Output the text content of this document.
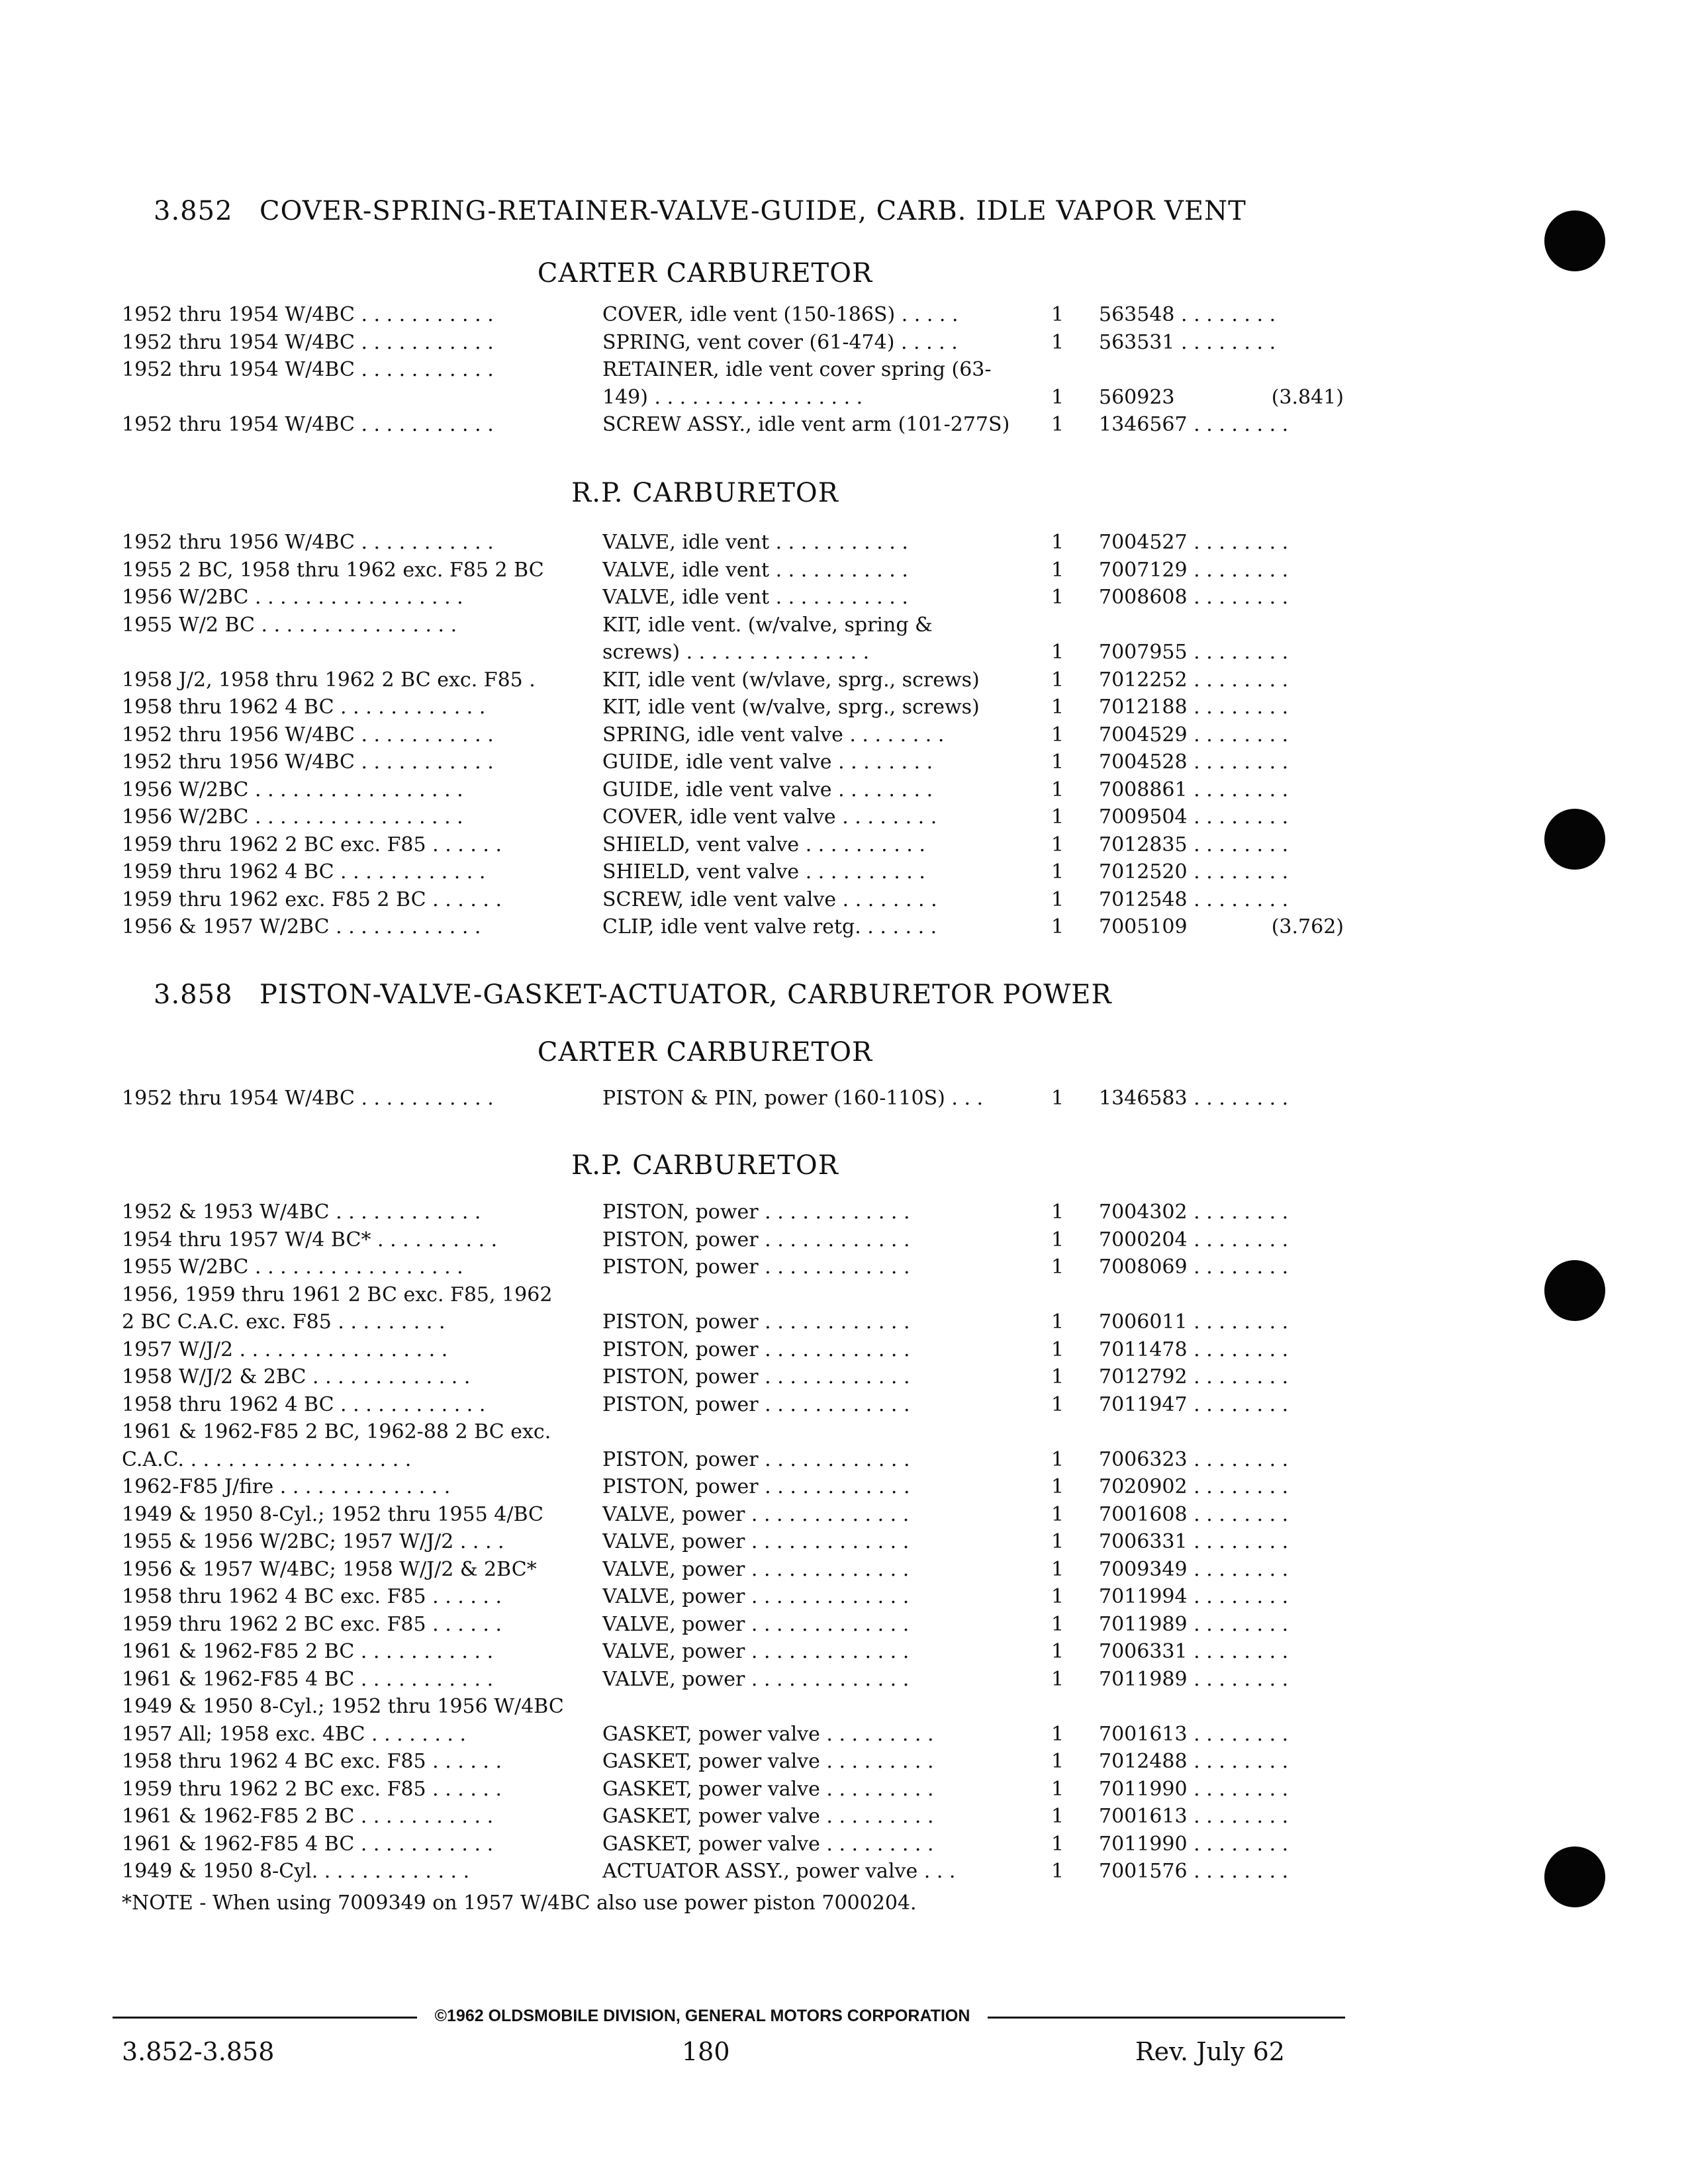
3.852 COVER-SPRING-RETAINER-VALVE-GUIDE, CARB. IDLE VAPOR VENT
CARTER CARBURETOR
1952 thru 1954 W/4BC . . . . . . . . . . .	COVER, idle vent (150-186S) . . . . .	1	563548 . . . . . . . .
1952 thru 1954 W/4BC . . . . . . . . . . .	SPRING, vent cover (61-474) . . . . .	1	563531 . . . . . . . .
1952 thru 1954 W/4BC . . . . . . . . . . .	RETAINER, idle vent cover spring (63-
149) . . . . . . . . . . . . . . . . .	1	560923	(3.841)
1952 thru 1954 W/4BC . . . . . . . . . . .	SCREW ASSY., idle vent arm (101-277S)	1	1346567 . . . . . . . .
R.P. CARBURETOR
1952 thru 1956 W/4BC . . . . . . . . . . .	VALVE, idle vent . . . . . . . . . . .	1	7004527 . . . . . . . .
1955 2 BC, 1958 thru 1962 exc. F85 2 BC	VALVE, idle vent . . . . . . . . . . .	1	7007129 . . . . . . . .
1956 W/2BC . . . . . . . . . . . . . . . . .	VALVE, idle vent . . . . . . . . . . .	1	7008608 . . . . . . . .
1955 W/2 BC . . . . . . . . . . . . . . . .	KIT, idle vent. (w/valve, spring &
screws) . . . . . . . . . . . . . . .	1	7007955 . . . . . . . .
1958 J/2, 1958 thru 1962 2 BC exc. F85 .	KIT, idle vent (w/vlave, sprg., screws)	1	7012252 . . . . . . . .
1958 thru 1962 4 BC . . . . . . . . . . . .	KIT, idle vent (w/valve, sprg., screws)	1	7012188 . . . . . . . .
1952 thru 1956 W/4BC . . . . . . . . . . .	SPRING, idle vent valve . . . . . . . .	1	7004529 . . . . . . . .
1952 thru 1956 W/4BC . . . . . . . . . . .	GUIDE, idle vent valve . . . . . . . .	1	7004528 . . . . . . . .
1956 W/2BC . . . . . . . . . . . . . . . . .	GUIDE, idle vent valve . . . . . . . .	1	7008861 . . . . . . . .
1956 W/2BC . . . . . . . . . . . . . . . . .	COVER, idle vent valve . . . . . . . .	1	7009504 . . . . . . . .
1959 thru 1962 2 BC exc. F85 . . . . . .	SHIELD, vent valve . . . . . . . . . .	1	7012835 . . . . . . . .
1959 thru 1962 4 BC . . . . . . . . . . . .	SHIELD, vent valve . . . . . . . . . .	1	7012520 . . . . . . . .
1959 thru 1962 exc. F85 2 BC . . . . . .	SCREW, idle vent valve . . . . . . . .	1	7012548 . . . . . . . .
1956 & 1957 W/2BC . . . . . . . . . . . .	CLIP, idle vent valve retg. . . . . . .	1	7005109	(3.762)
3.858 PISTON-VALVE-GASKET-ACTUATOR, CARBURETOR POWER
CARTER CARBURETOR
1952 thru 1954 W/4BC . . . . . . . . . . .	PISTON & PIN, power (160-110S) . . .	1	1346583 . . . . . . . .
R.P. CARBURETOR
1952 & 1953 W/4BC . . . . . . . . . . . .	PISTON, power . . . . . . . . . . . .	1	7004302 . . . . . . . .
1954 thru 1957 W/4 BC* . . . . . . . . . .	PISTON, power . . . . . . . . . . . .	1	7000204 . . . . . . . .
1955 W/2BC . . . . . . . . . . . . . . . . .	PISTON, power . . . . . . . . . . . .	1	7008069 . . . . . . . .
1956, 1959 thru 1961 2 BC exc. F85, 1962
2 BC C.A.C. exc. F85 . . . . . . . . .	PISTON, power . . . . . . . . . . . .	1	7006011 . . . . . . . .
1957 W/J/2 . . . . . . . . . . . . . . . . .	PISTON, power . . . . . . . . . . . .	1	7011478 . . . . . . . .
1958 W/J/2 & 2BC . . . . . . . . . . . . .	PISTON, power . . . . . . . . . . . .	1	7012792 . . . . . . . .
1958 thru 1962 4 BC . . . . . . . . . . . .	PISTON, power . . . . . . . . . . . .	1	7011947 . . . . . . . .
1961 & 1962-F85 2 BC, 1962-88 2 BC exc.
C.A.C. . . . . . . . . . . . . . . . . . .	PISTON, power . . . . . . . . . . . .	1	7006323 . . . . . . . .
1962-F85 J/fire . . . . . . . . . . . . . .	PISTON, power . . . . . . . . . . . .	1	7020902 . . . . . . . .
1949 & 1950 8-Cyl.; 1952 thru 1955 4/BC	VALVE, power . . . . . . . . . . . . .	1	7001608 . . . . . . . .
1955 & 1956 W/2BC; 1957 W/J/2 . . . .	VALVE, power . . . . . . . . . . . . .	1	7006331 . . . . . . . .
1956 & 1957 W/4BC; 1958 W/J/2 & 2BC*	VALVE, power . . . . . . . . . . . . .	1	7009349 . . . . . . . .
1958 thru 1962 4 BC exc. F85 . . . . . .	VALVE, power . . . . . . . . . . . . .	1	7011994 . . . . . . . .
1959 thru 1962 2 BC exc. F85 . . . . . .	VALVE, power . . . . . . . . . . . . .	1	7011989 . . . . . . . .
1961 & 1962-F85 2 BC . . . . . . . . . . .	VALVE, power . . . . . . . . . . . . .	1	7006331 . . . . . . . .
1961 & 1962-F85 4 BC . . . . . . . . . . .	VALVE, power . . . . . . . . . . . . .	1	7011989 . . . . . . . .
1949 & 1950 8-Cyl.; 1952 thru 1956 W/4BC
1957 All; 1958 exc. 4BC . . . . . . . .	GASKET, power valve . . . . . . . . .	1	7001613 . . . . . . . .
1958 thru 1962 4 BC exc. F85 . . . . . .	GASKET, power valve . . . . . . . . .	1	7012488 . . . . . . . .
1959 thru 1962 2 BC exc. F85 . . . . . .	GASKET, power valve . . . . . . . . .	1	7011990 . . . . . . . .
1961 & 1962-F85 2 BC . . . . . . . . . . .	GASKET, power valve . . . . . . . . .	1	7001613 . . . . . . . .
1961 & 1962-F85 4 BC . . . . . . . . . . .	GASKET, power valve . . . . . . . . .	1	7011990 . . . . . . . .
1949 & 1950 8-Cyl. . . . . . . . . . . . .	ACTUATOR ASSY., power valve . . .	1	7001576 . . . . . . . .
*NOTE - When using 7009349 on 1957 W/4BC also use power piston 7000204.
©1962 OLDSMOBILE DIVISION, GENERAL MOTORS CORPORATION
3.852-3.858	180	Rev. July 62
